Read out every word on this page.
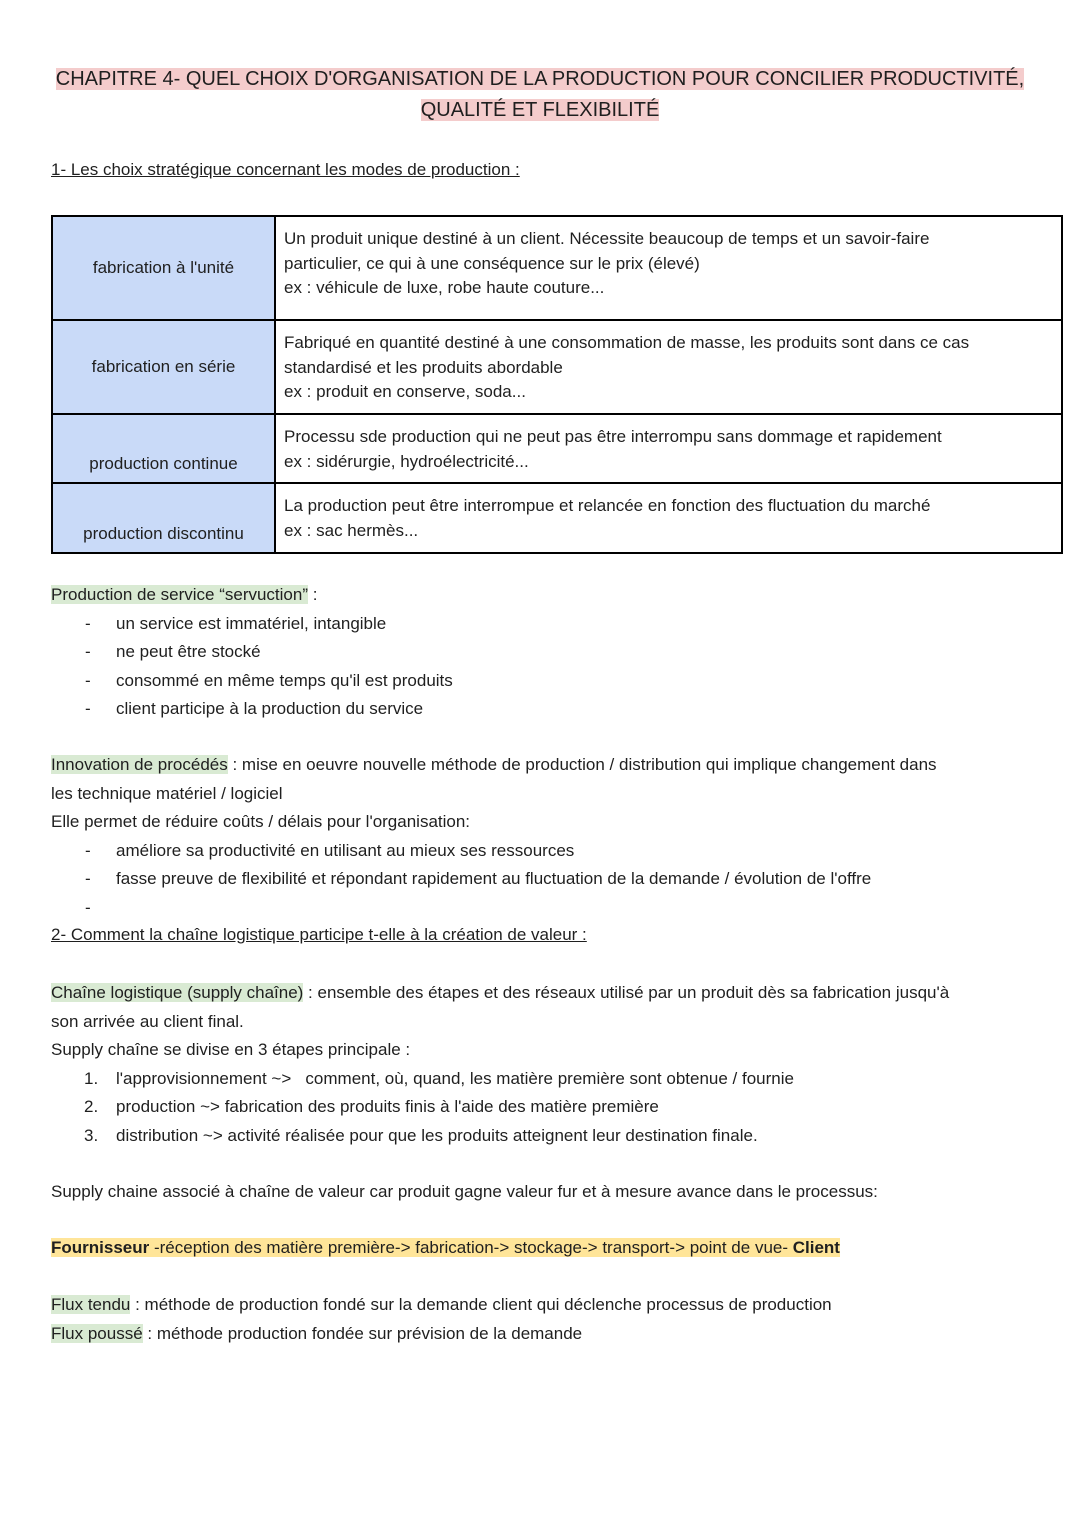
CHAPITRE 4- QUEL CHOIX D'ORGANISATION DE LA PRODUCTION POUR CONCILIER PRODUCTIVITÉ,
QUALITÉ ET FLEXIBILITÉ
1- Les choix stratégique concernant les modes de production :
fabrication à l'unité	Un produit unique destiné à un client. Nécessite beaucoup de temps et un savoir-faire
particulier, ce qui à une conséquence sur le prix (élevé)
ex : véhicule de luxe, robe haute couture...

fabrication en série	Fabriqué en quantité destiné à une consommation de masse, les produits sont dans ce cas
standardisé et les produits abordable
ex : produit en conserve, soda...

production continue	Processu sde production qui ne peut pas être interrompu sans dommage et rapidement
ex : sidérurgie, hydroélectricité...

production discontinu	La production peut être interrompue et relancée en fonction des fluctuation du marché
ex : sac hermès...

Production de service “servuction” :

- un service est immatériel, intangible
- ne peut être stocké
- consommé en même temps qu'il est produits
- client participe à la production du service

Innovation de procédés : mise en oeuvre nouvelle méthode de production / distribution qui implique changement dans

les technique matériel / logiciel

Elle permet de réduire coûts / délais pour l'organisation:

- améliore sa productivité en utilisant au mieux ses ressources
- fasse preuve de flexibilité et répondant rapidement au fluctuation de la demande / évolution de l'offre
-
2- Comment la chaîne logistique participe t-elle à la création de valeur :

Chaîne logistique (supply chaîne) : ensemble des étapes et des réseaux utilisé par un produit dès sa fabrication jusqu'à

son arrivée au client final.

Supply chaîne se divise en 3 étapes principale :

1. l'approvisionnement ~>   comment, où, quand, les matière première sont obtenue / fournie
2. production ~> fabrication des produits finis à l'aide des matière première
3. distribution ~> activité réalisée pour que les produits atteignent leur destination finale.
Supply chaine associé à chaîne de valeur car produit gagne valeur fur et à mesure avance dans le processus:
Fournisseur -réception des matière première-> fabrication-> stockage-> transport-> point de vue- Client

Flux tendu : méthode de production fondé sur la demande client qui déclenche processus de production

Flux poussé : méthode production fondée sur prévision de la demande
